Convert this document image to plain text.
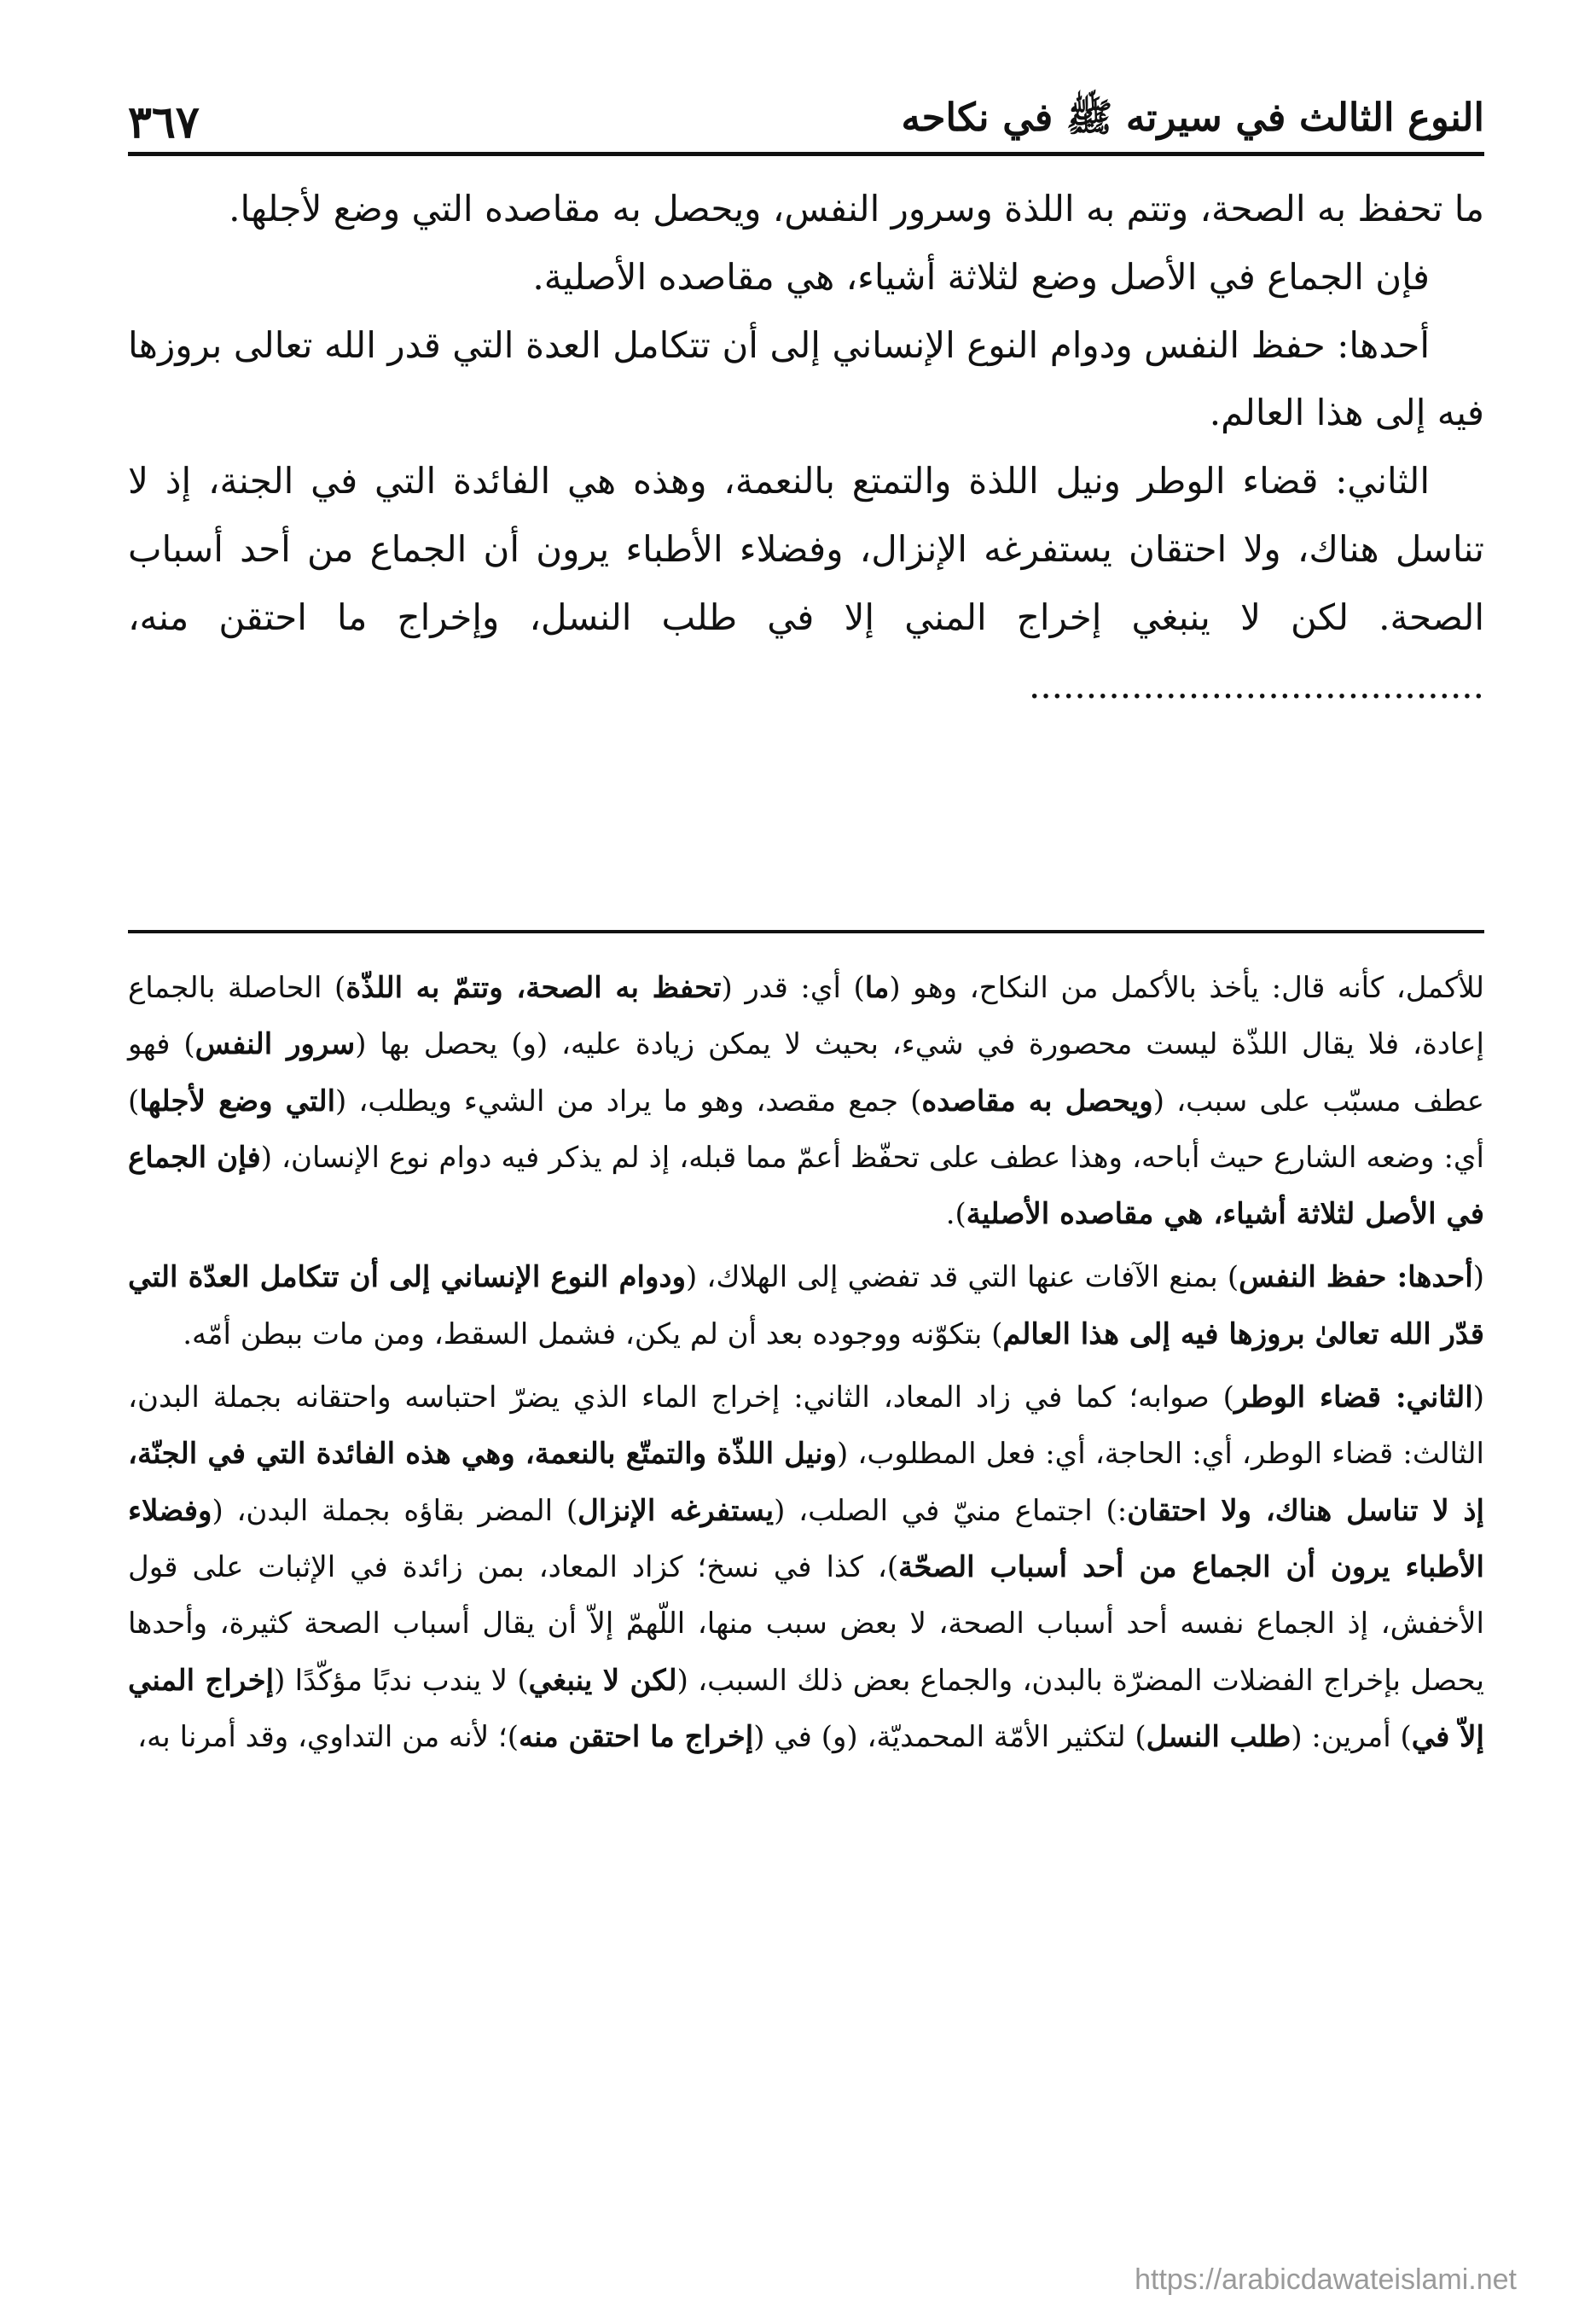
النوع الثالث في سيرته ﷺ في نكاحه
٣٦٧

ما تحفظ به الصحة، وتتم به اللذة وسرور النفس، ويحصل به مقاصده التي وضع لأجلها.

فإن الجماع في الأصل وضع لثلاثة أشياء، هي مقاصده الأصلية.

أحدها: حفظ النفس ودوام النوع الإنساني إلى أن تتكامل العدة التي قدر الله تعالى بروزها فيه إلى هذا العالم.

الثاني: قضاء الوطر ونيل اللذة والتمتع بالنعمة، وهذه هي الفائدة التي في الجنة، إذ لا تناسل هناك، ولا احتقان يستفرغه الإنزال، وفضلاء الأطباء يرون أن الجماع من أحد أسباب الصحة. لكن لا ينبغي إخراج المني إلا في طلب النسل، وإخراج ما احتقن منه، ........................................

للأكمل، كأنه قال: يأخذ بالأكمل من النكاح، وهو (ما) أي: قدر (تحفظ به الصحة، وتتمّ به اللذّة) الحاصلة بالجماع إعادة، فلا يقال اللذّة ليست محصورة في شيء، بحيث لا يمكن زيادة عليه، (و) يحصل بها (سرور النفس) فهو عطف مسبّب على سبب، (ويحصل به مقاصده) جمع مقصد، وهو ما يراد من الشيء ويطلب، (التي وضع لأجلها) أي: وضعه الشارع حيث أباحه، وهذا عطف على تحفّظ أعمّ مما قبله، إذ لم يذكر فيه دوام نوع الإنسان، (فإن الجماع في الأصل لثلاثة أشياء، هي مقاصده الأصلية).

(أحدها: حفظ النفس) بمنع الآفات عنها التي قد تفضي إلى الهلاك، (ودوام النوع الإنساني إلى أن تتكامل العدّة التي قدّر الله تعالىٰ بروزها فيه إلى هذا العالم) بتكوّنه ووجوده بعد أن لم يكن، فشمل السقط، ومن مات ببطن أمّه.

(الثاني: قضاء الوطر) صوابه؛ كما في زاد المعاد، الثاني: إخراج الماء الذي يضرّ احتباسه واحتقانه بجملة البدن، الثالث: قضاء الوطر، أي: الحاجة، أي: فعل المطلوب، (ونيل اللذّة والتمتّع بالنعمة، وهي هذه الفائدة التي في الجنّة، إذ لا تناسل هناك، ولا احتقان:) اجتماع منيّ في الصلب، (يستفرغه الإنزال) المضر بقاؤه بجملة البدن، (وفضلاء الأطباء يرون أن الجماع من أحد أسباب الصحّة)، كذا في نسخ؛ كزاد المعاد، بمن زائدة في الإثبات على قول الأخفش، إذ الجماع نفسه أحد أسباب الصحة، لا بعض سبب منها، اللّهمّ إلاّ أن يقال أسباب الصحة كثيرة، وأحدها يحصل بإخراج الفضلات المضرّة بالبدن، والجماع بعض ذلك السبب، (لكن لا ينبغي) لا يندب ندبًا مؤكّدًا (إخراج المني إلاّ في) أمرين: (طلب النسل) لتكثير الأمّة المحمديّة، (و) في (إخراج ما احتقن منه)؛ لأنه من التداوي، وقد أمرنا به،

https://arabicdawateislami.net
